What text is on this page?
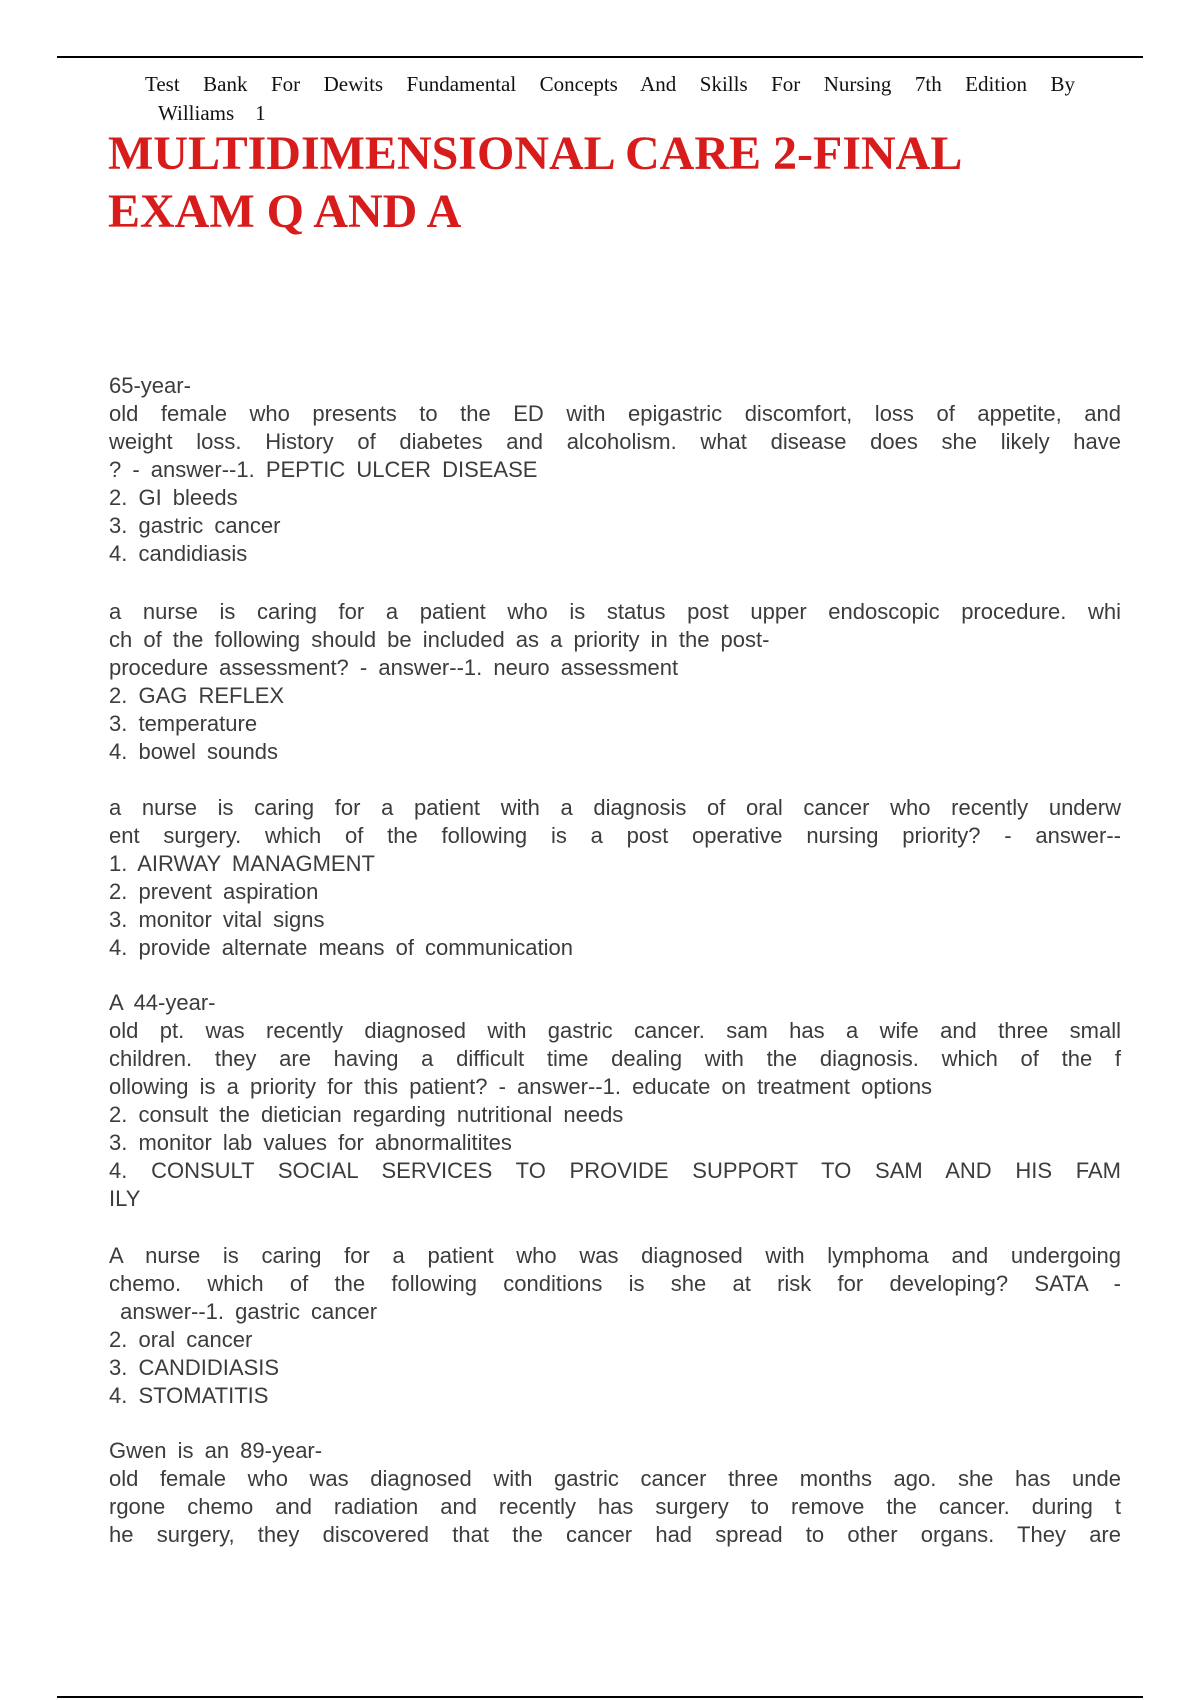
Test Bank For Dewits Fundamental Concepts And Skills For Nursing 7th Edition By
Williams    1
MULTIDIMENSIONAL CARE 2-FINAL
EXAM Q AND A
65-year-
old female who presents to the ED with epigastric discomfort, loss of appetite, and
weight loss. History of diabetes and alcoholism. what disease does she likely have
? - answer--1. PEPTIC ULCER DISEASE
2. GI bleeds
3. gastric cancer
4. candidiasis
a nurse is caring for a patient who is status post upper endoscopic procedure. whi
ch of the following should be included as a priority in the post-
procedure assessment? - answer--1. neuro assessment
2. GAG REFLEX
3. temperature
4. bowel sounds
a nurse is caring for a patient with a diagnosis of oral cancer who recently underw
ent surgery. which of the following is a post operative nursing priority? - answer--
1. AIRWAY MANAGMENT
2. prevent aspiration
3. monitor vital signs
4. provide alternate means of communication
A 44-year-
old pt. was recently diagnosed with gastric cancer. sam has a wife and three small
children. they are having a difficult time dealing with the diagnosis. which of the f
ollowing is a priority for this patient? - answer--1. educate on treatment options
2. consult the dietician regarding nutritional needs
3. monitor lab values for abnormalitites
4. CONSULT SOCIAL SERVICES TO PROVIDE SUPPORT TO SAM AND HIS FAM
ILY
A nurse is caring for a patient who was diagnosed with lymphoma and undergoing
chemo. which of the following conditions is she at risk for developing? SATA -
answer--1. gastric cancer
2. oral cancer
3. CANDIDIASIS
4. STOMATITIS
Gwen is an 89-year-
old female who was diagnosed with gastric cancer three months ago. she has unde
rgone chemo and radiation and recently has surgery to remove the cancer. during t
he surgery, they discovered that the cancer had spread to other organs. They are
